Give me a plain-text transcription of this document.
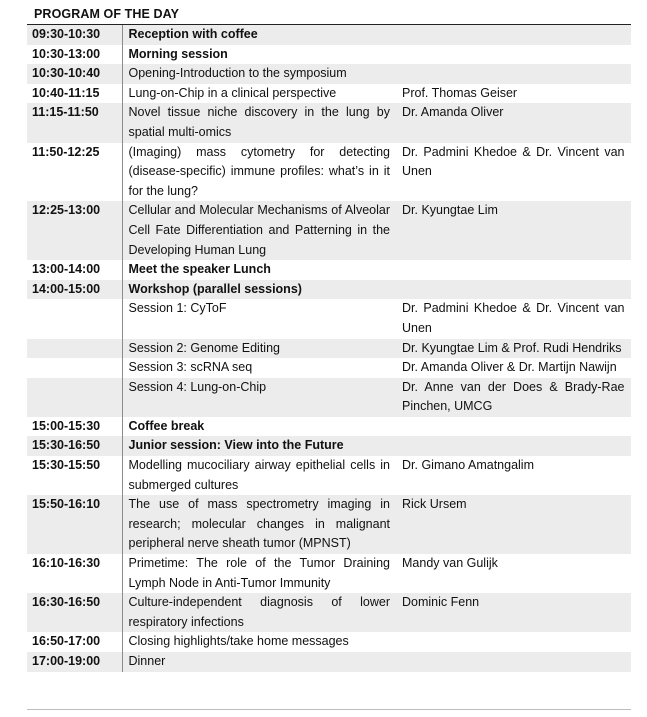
PROGRAM OF THE DAY
09:30-10:30	Reception with coffee	
10:30-13:00	Morning session	
10:30-10:40	Opening-Introduction to the symposium	
10:40-11:15	Lung-on-Chip in a clinical perspective	Prof. Thomas Geiser
11:15-11:50	Novel tissue niche discovery in the lung by spatial multi-omics	Dr. Amanda Oliver
11:50-12:25	(Imaging) mass cytometry for detecting (disease-specific) immune profiles: what’s in it for the lung?	Dr. Padmini Khedoe & Dr. Vincent van Unen
12:25-13:00	Cellular and Molecular Mechanisms of Alveolar Cell Fate Differentiation and Patterning in the Developing Human Lung	Dr. Kyungtae Lim
13:00-14:00	Meet the speaker Lunch	
14:00-15:00	Workshop (parallel sessions)	
	Session 1: CyToF	Dr. Padmini Khedoe & Dr. Vincent van Unen
	Session 2: Genome Editing	Dr. Kyungtae Lim & Prof. Rudi Hendriks
	Session 3: scRNA seq	Dr. Amanda Oliver & Dr. Martijn Nawijn
	Session 4: Lung-on-Chip	Dr. Anne van der Does & Brady-Rae Pinchen, UMCG
15:00-15:30	Coffee break	
15:30-16:50	Junior session: View into the Future	
15:30-15:50	Modelling mucociliary airway epithelial cells in submerged cultures	Dr. Gimano Amatngalim
15:50-16:10	The use of mass spectrometry imaging in research; molecular changes in malignant peripheral nerve sheath tumor (MPNST)	Rick Ursem
16:10-16:30	Primetime: The role of the Tumor Draining Lymph Node in Anti-Tumor Immunity	Mandy van Gulijk
16:30-16:50	Culture-independent diagnosis of lower respiratory infections	Dominic Fenn
16:50-17:00	Closing highlights/take home messages	
17:00-19:00	Dinner	
